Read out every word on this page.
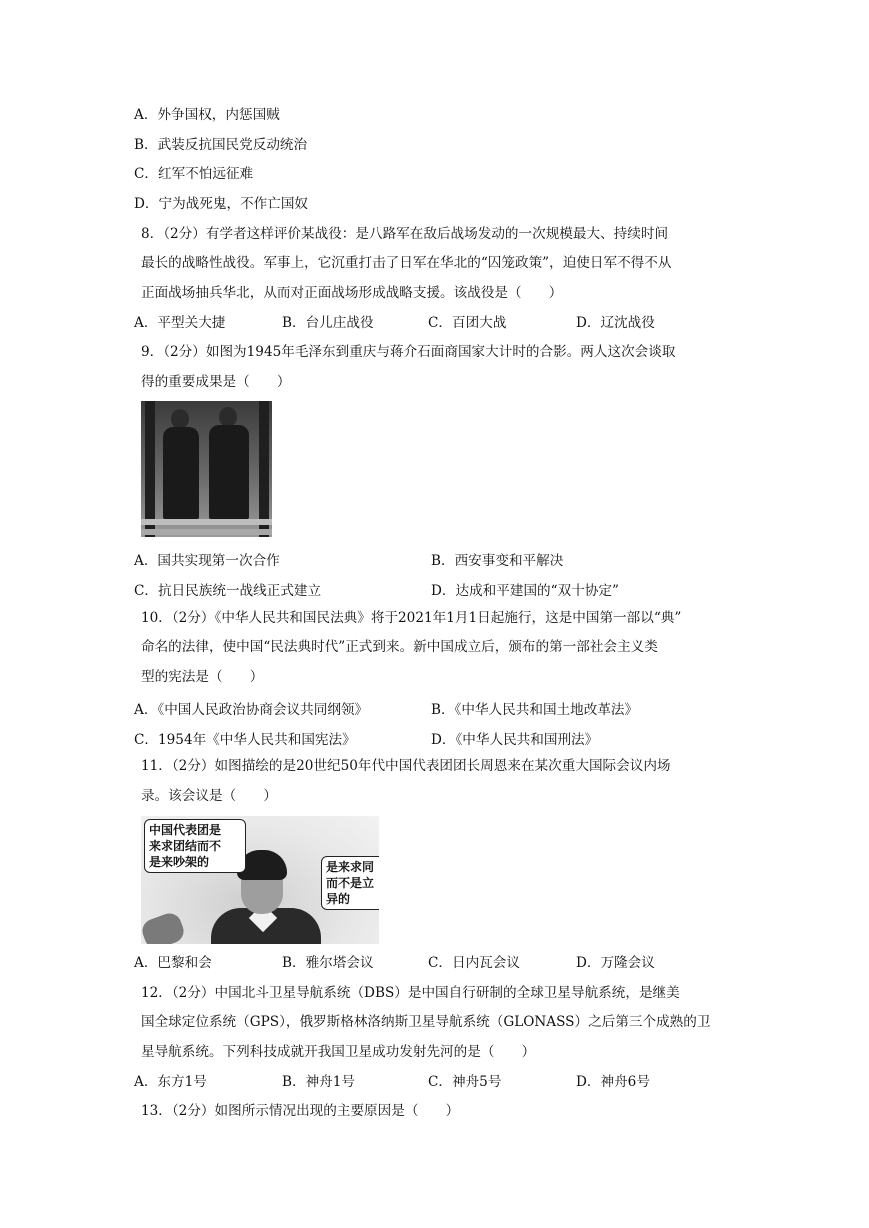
A．外争国权，内惩国贼
B．武装反抗国民党反动统治
C．红军不怕远征难
D．宁为战死鬼，不作亡国奴
8．（2分）有学者这样评价某战役：是八路军在敌后战场发动的一次规模最大、持续时间
最长的战略性战役。军事上，它沉重打击了日军在华北的“囚笼政策”，迫使日军不得不从
正面战场抽兵华北，从而对正面战场形成战略支援。该战役是（　　）
A．平型关大捷	B．台儿庄战役	C．百团大战	D．辽沈战役
9．（2分）如图为1945年毛泽东到重庆与蒋介石面商国家大计时的合影。两人这次会谈取
得的重要成果是（　　）
A．国共实现第一次合作	B．西安事变和平解决
C．抗日民族统一战线正式建立	D．达成和平建国的“双十协定”
10．（2分）《中华人民共和国民法典》将于2021年1月1日起施行，这是中国第一部以“典”
命名的法律，使中国“民法典时代”正式到来。新中国成立后，颁布的第一部社会主义类
型的宪法是（　　）
A．《中国人民政治协商会议共同纲领》	B．《中华人民共和国土地改革法》
C．1954年《中华人民共和国宪法》	D．《中华人民共和国刑法》
11．（2分）如图描绘的是20世纪50年代中国代表团团长周恩来在某次重大国际会议内场
录。该会议是（　　）
中国代表团是
来求团结而不
是来吵架的	是来求同
而不是立
异的
A．巴黎和会	B．雅尔塔会议	C．日内瓦会议	D．万隆会议
12．（2分）中国北斗卫星导航系统（DBS）是中国自行研制的全球卫星导航系统，是继美
国全球定位系统（GPS），俄罗斯格林洛纳斯卫星导航系统（GLONASS）之后第三个成熟的卫
星导航系统。下列科技成就开我国卫星成功发射先河的是（　　）
A．东方1号	B．神舟1号	C．神舟5号	D．神舟6号
13．（2分）如图所示情况出现的主要原因是（　　）
